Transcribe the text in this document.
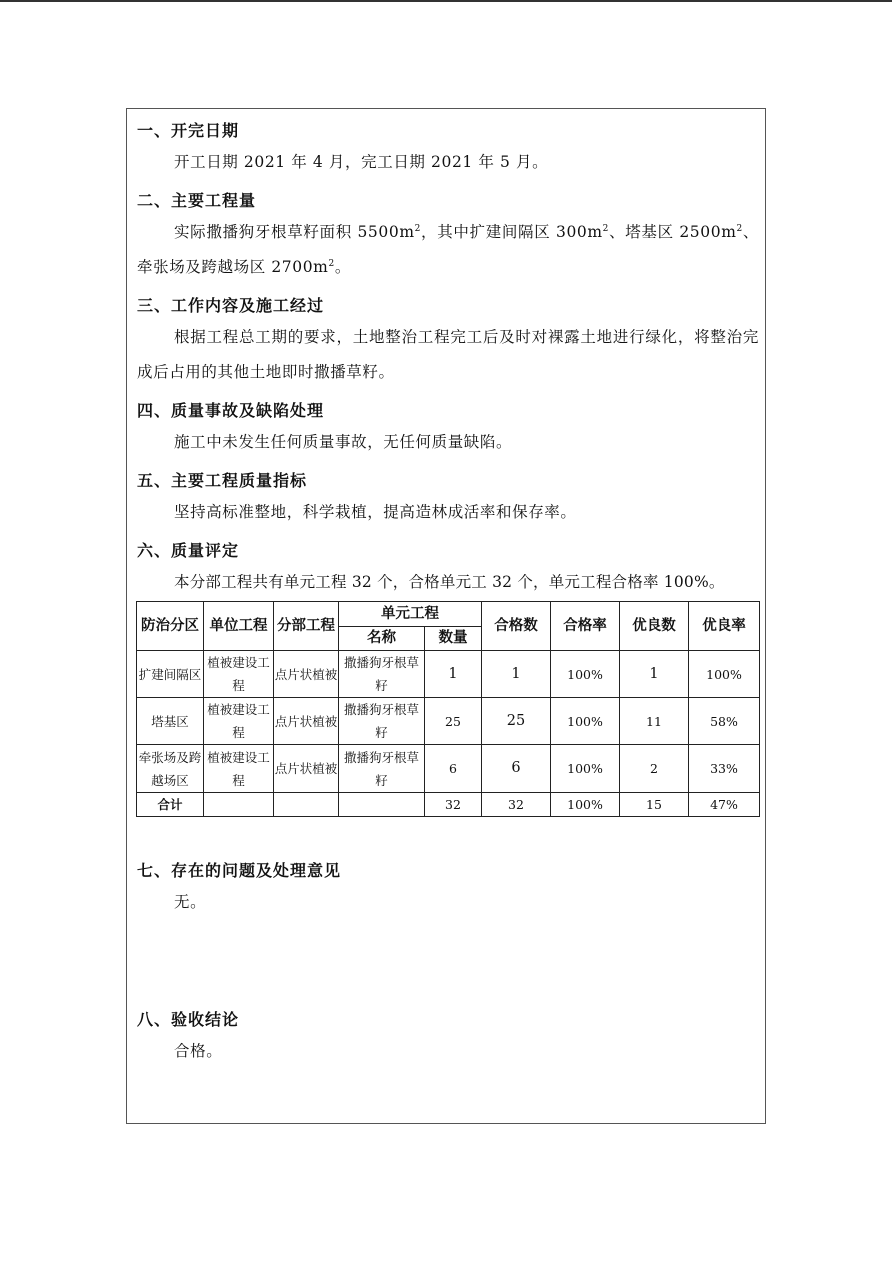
一、开完日期
开工日期 2021 年 4 月，完工日期 2021 年 5 月。
二、主要工程量
实际撒播狗牙根草籽面积 $5500m^2$，其中扩建间隔区 $300m^2$、塔基区 $2500m^2$、牵张场及跨越场区 $2700m^2$。
三、工作内容及施工经过
根据工程总工期的要求，土地整治工程完工后及时对裸露土地进行绿化，将整治完成后占用的其他土地即时撒播草籽。
四、质量事故及缺陷处理
施工中未发生任何质量事故，无任何质量缺陷。
五、主要工程质量指标
坚持高标准整地，科学栽植，提高造林成活率和保存率。
六、质量评定
本分部工程共有单元工程 32 个，合格单元工 32 个，单元工程合格率 100%。
防治分区	单位工程	分部工程	单元工程		合格数	合格率	优良数	优良率
			名称	数量				
扩建间隔区	植被建设工程	点片状植被	撒播狗牙根草籽	1	1	100%	1	100%
塔基区	植被建设工程	点片状植被	撒播狗牙根草籽	25	25	100%	11	58%
牵张场及跨越场区	植被建设工程	点片状植被	撒播狗牙根草籽	6	6	100%	2	33%
合计				32	32	100%	15	47%
七、存在的问题及处理意见
无。
八、验收结论
合格。
